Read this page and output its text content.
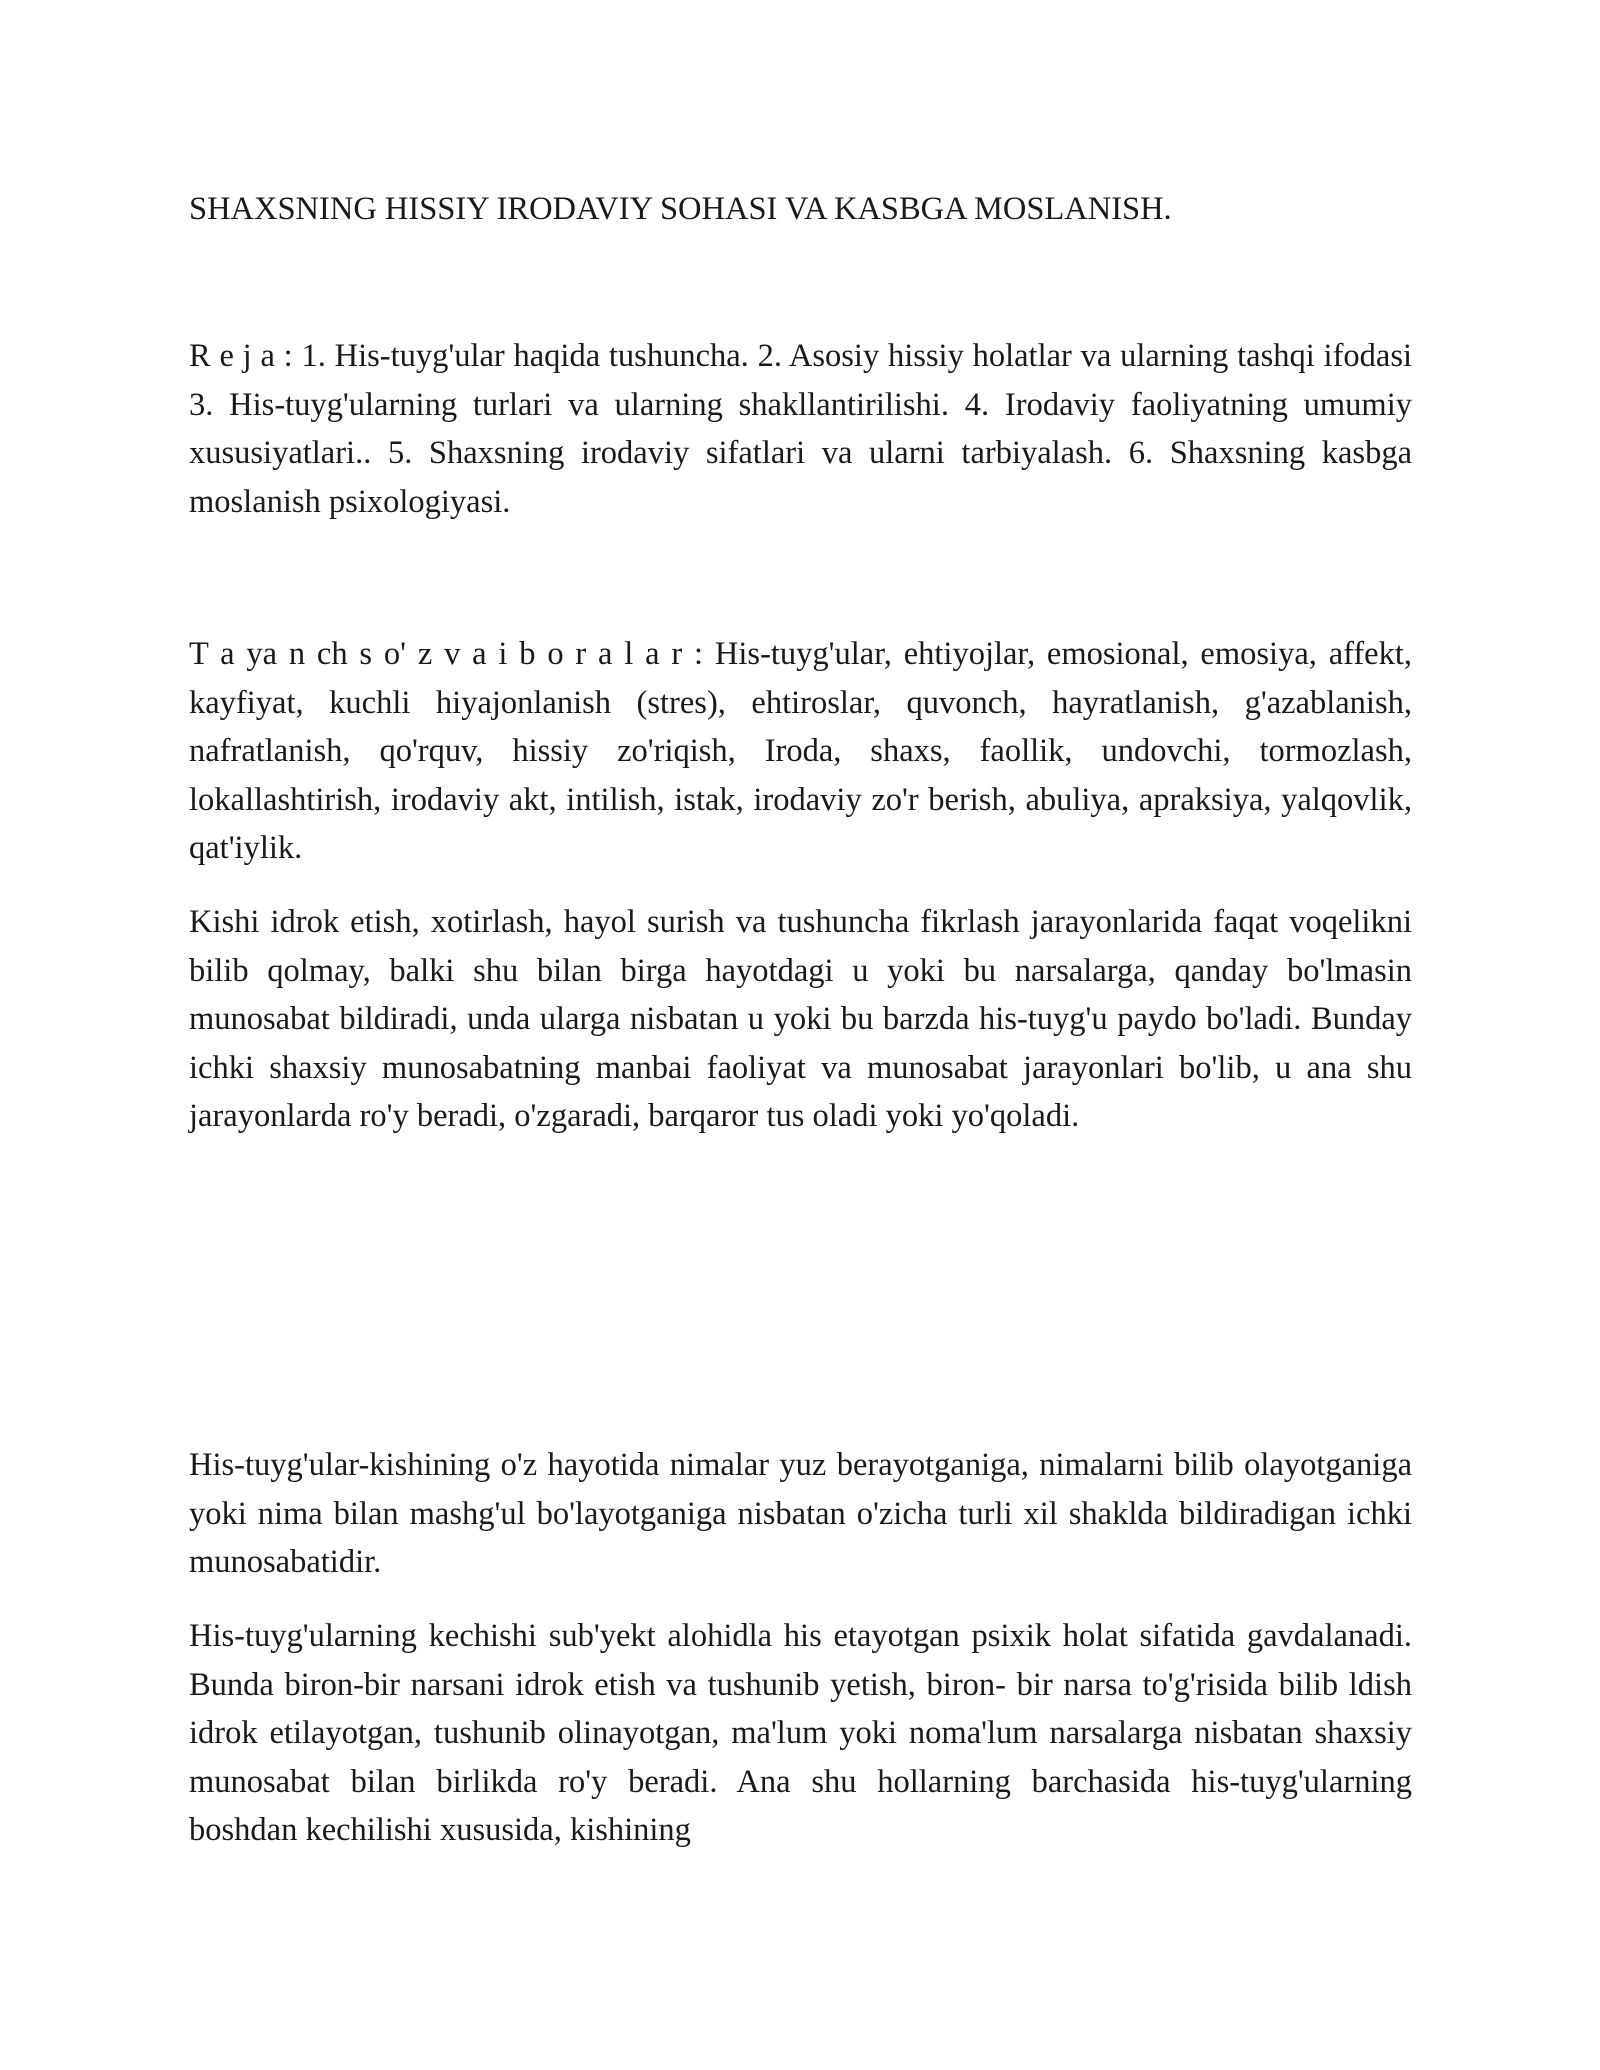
SHAXSNING HISSIY IRODAVIY SOHASI VA KASBGA MOSLANISH.

R e j a : 1. His-tuyg'ular haqida tushuncha. 2. Asosiy hissiy holatlar va ularning tashqi ifodasi 3. His-tuyg'ularning turlari va ularning shakllantirilishi. 4. Irodaviy faoliyatning umumiy xususiyatlari.. 5. Shaxsning irodaviy sifatlari va ularni tarbiyalash. 6. Shaxsning kasbga moslanish psixologiyasi.

T a ya n ch s o' z v a i b o r a l a r : His-tuyg'ular, ehtiyojlar, emosional, emosiya, affekt, kayfiyat, kuchli hiyajonlanish (stres), ehtiroslar, quvonch, hayratlanish, g'azablanish, nafratlanish, qo'rquv, hissiy zo'riqish, Iroda, shaxs, faollik, undovchi, tormozlash, lokallashtirish, irodaviy akt, intilish, istak, irodaviy zo'r berish, abuliya, apraksiya, yalqovlik, qat'iylik.

Kishi idrok etish, xotirlash, hayol surish va tushuncha fikrlash jarayonlarida faqat voqelikni bilib qolmay, balki shu bilan birga hayotdagi u yoki bu narsalarga, qanday bo'lmasin munosabat bildiradi, unda ularga nisbatan u yoki bu barzda his-tuyg'u paydo bo'ladi. Bunday ichki shaxsiy munosabatning manbai faoliyat va munosabat jarayonlari bo'lib, u ana shu jarayonlarda ro'y beradi, o'zgaradi, barqaror tus oladi yoki yo'qoladi.

His-tuyg'ular-kishining o'z hayotida nimalar yuz berayotganiga, nimalarni bilib olayotganiga yoki nima bilan mashg'ul bo'layotganiga nisbatan o'zicha turli xil shaklda bildiradigan ichki munosabatidir.

His-tuyg'ularning kechishi sub'yekt alohidla his etayotgan psixik holat sifatida gavdalanadi. Bunda biron-bir narsani idrok etish va tushunib yetish, biron- bir narsa to'g'risida bilib ldish idrok etilayotgan, tushunib olinayotgan, ma'lum yoki noma'lum narsalarga nisbatan shaxsiy munosabat bilan birlikda ro'y beradi. Ana shu hollarning barchasida his-tuyg'ularning boshdan kechilishi xususida, kishining
